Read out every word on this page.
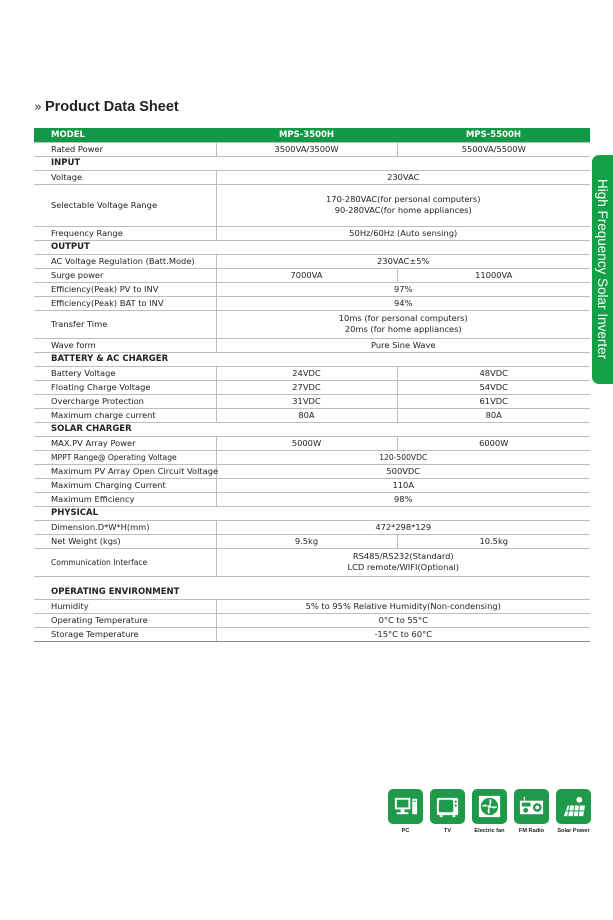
» Product Data Sheet
MODEL	MPS-3500H	MPS-5500H
Rated Power	3500VA/3500W	5500VA/5500W
INPUT		
Voltage	230VAC	
Selectable Voltage Range	170-280VAC(for personal computers)
90-280VAC(for home appliances)	

Frequency Range	50Hz/60Hz (Auto sensing)	
OUTPUT		
AC Voltage Regulation (Batt.Mode)	230VAC±5%	
Surge power	7000VA	11000VA
Efficiency(Peak) PV to INV	97%	
Efficiency(Peak) BAT to INV	94%	
Transfer Time	10ms (for personal computers)
20ms (for home appliances)	

Wave form	Pure Sine Wave	
BATTERY & AC CHARGER		
Battery Voltage	24VDC	48VDC
Floating Charge Voltage	27VDC	54VDC
Overcharge Protection	31VDC	61VDC
Maximum charge current	80A	80A
SOLAR CHARGER		
MAX.PV Array Power	5000W	6000W
MPPT Range@ Operating Voltage	120-500VDC	
Maximum PV Array Open Circuit Voltage	500VDC	
Maximum Charging Current	110A	
Maximum Efficiency	98%	
PHYSICAL		
Dimension.D*W*H(mm)	472*298*129	
Net Weight (kgs)	9.5kg	10.5kg
Communication Interface	RS485/RS232(Standard)
LCD remote/WIFI(Optional)	

OPERATING ENVIRONMENT		
Humidity	5% to 95% Relative Humidity(Non-condensing)	
Operating Temperature	0°C to 55°C	
Storage Temperature	-15°C to 60°C	
High Frequency Solar Inverter
PC	TV	Electric fan	FM Radio Solar Power
